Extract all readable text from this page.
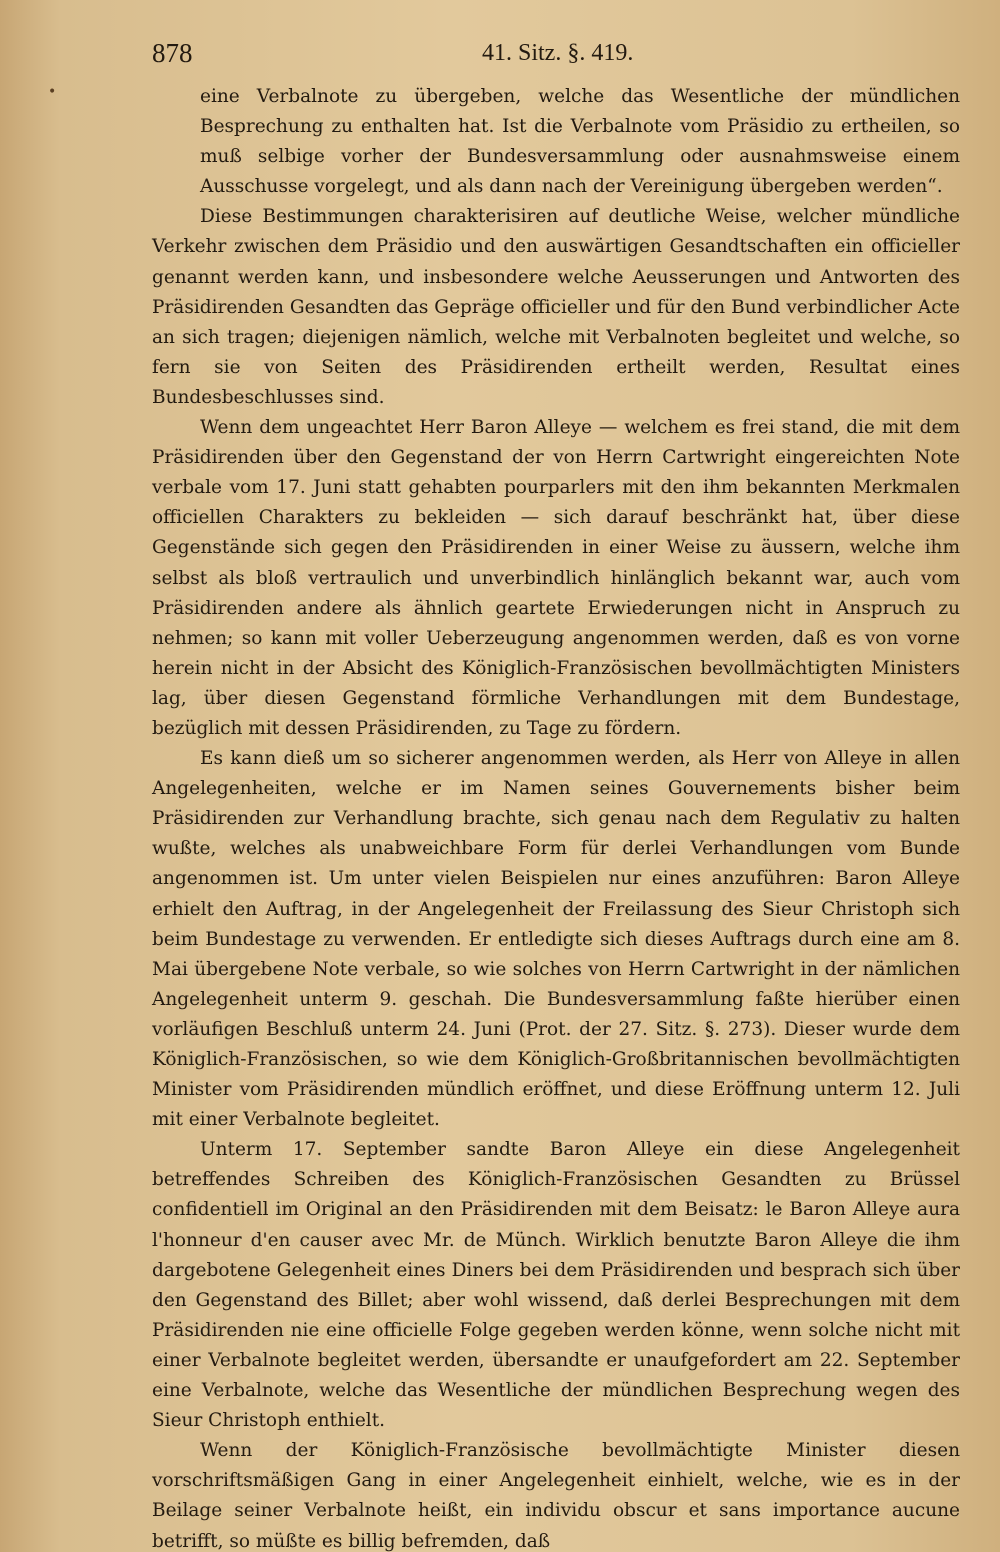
878	41. Sitz. §. 419.
•	eine Verbalnote zu übergeben, welche das Wesentliche der mündlichen Besprechung zu enthalten hat. Ist die Verbalnote vom Präsidio zu ertheilen, so muß selbige vorher der Bundesversammlung oder ausnahmsweise einem Ausschusse vorgelegt, und als dann nach der Vereinigung übergeben werden“.

Diese Bestimmungen charakterisiren auf deutliche Weise, welcher mündliche Verkehr zwischen dem Präsidio und den auswärtigen Gesandtschaften ein officieller genannt werden kann, und insbesondere welche Aeusserungen und Antworten des Präsidirenden Gesandten das Gepräge officieller und für den Bund verbindlicher Acte an sich tragen; diejenigen nämlich, welche mit Verbalnoten begleitet und welche, so fern sie von Seiten des Präsidirenden ertheilt werden, Resultat eines Bundesbeschlusses sind.

Wenn dem ungeachtet Herr Baron Alleye — welchem es frei stand, die mit dem Präsidirenden über den Gegenstand der von Herrn Cartwright eingereichten Note verbale vom 17. Juni statt gehabten pourparlers mit den ihm bekannten Merkmalen officiellen Charakters zu bekleiden — sich darauf beschränkt hat, über diese Gegenstände sich gegen den Präsidirenden in einer Weise zu äussern, welche ihm selbst als bloß vertraulich und unverbindlich hinlänglich bekannt war, auch vom Präsidirenden andere als ähnlich geartete Erwiederungen nicht in Anspruch zu nehmen; so kann mit voller Ueberzeugung angenommen werden, daß es von vorne herein nicht in der Absicht des Königlich-Französischen bevollmächtigten Ministers lag, über diesen Gegenstand förmliche Verhandlungen mit dem Bundestage, bezüglich mit dessen Präsidirenden, zu Tage zu fördern.

Es kann dieß um so sicherer angenommen werden, als Herr von Alleye in allen Angelegenheiten, welche er im Namen seines Gouvernements bisher beim Präsidirenden zur Verhandlung brachte, sich genau nach dem Regulativ zu halten wußte, welches als unabweichbare Form für derlei Verhandlungen vom Bunde angenommen ist. Um unter vielen Beispielen nur eines anzuführen: Baron Alleye erhielt den Auftrag, in der Angelegenheit der Freilassung des Sieur Christoph sich beim Bundestage zu verwenden. Er entledigte sich dieses Auftrags durch eine am 8. Mai übergebene Note verbale, so wie solches von Herrn Cartwright in der nämlichen Angelegenheit unterm 9. geschah. Die Bundesversammlung faßte hierüber einen vorläufigen Beschluß unterm 24. Juni (Prot. der 27. Sitz. §. 273). Dieser wurde dem Königlich-Französischen, so wie dem Königlich-Großbritannischen bevollmächtigten Minister vom Präsidirenden mündlich eröffnet, und diese Eröffnung unterm 12. Juli mit einer Verbalnote begleitet.

Unterm 17. September sandte Baron Alleye ein diese Angelegenheit betreffendes Schreiben des Königlich-Französischen Gesandten zu Brüssel confidentiell im Original an den Präsidirenden mit dem Beisatz: le Baron Alleye aura l'honneur d'en causer avec Mr. de Münch. Wirklich benutzte Baron Alleye die ihm dargebotene Gelegenheit eines Diners bei dem Präsidirenden und besprach sich über den Gegenstand des Billet; aber wohl wissend, daß derlei Besprechungen mit dem Präsidirenden nie eine officielle Folge gegeben werden könne, wenn solche nicht mit einer Verbalnote begleitet werden, übersandte er unaufgefordert am 22. September eine Verbalnote, welche das Wesentliche der mündlichen Besprechung wegen des Sieur Christoph enthielt.

Wenn der Königlich-Französische bevollmächtigte Minister diesen vorschriftsmäßigen Gang in einer Angelegenheit einhielt, welche, wie es in der Beilage seiner Verbalnote heißt, ein individu obscur et sans importance aucune betrifft, so müßte es billig befremden, daß
